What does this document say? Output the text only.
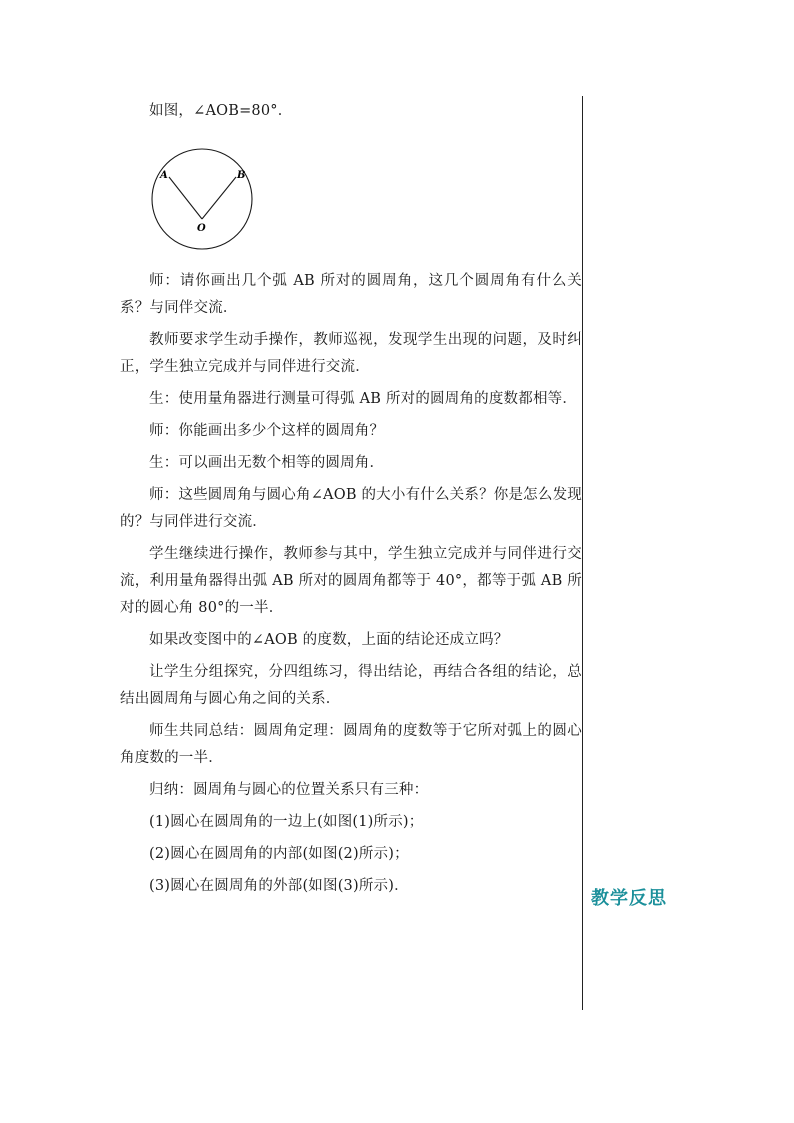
如图，∠AOB=80°．

A	B
O

师：请你画出几个弧 AB 所对的圆周角，这几个圆周角有什么关系？与同伴交流．

教师要求学生动手操作，教师巡视，发现学生出现的问题，及时纠正，学生独立完成并与同伴进行交流．

生：使用量角器进行测量可得弧 AB 所对的圆周角的度数都相等．

师：你能画出多少个这样的圆周角？

生：可以画出无数个相等的圆周角．

师：这些圆周角与圆心角∠AOB 的大小有什么关系？你是怎么发现的？与同伴进行交流．

学生继续进行操作，教师参与其中，学生独立完成并与同伴进行交流，利用量角器得出弧 AB 所对的圆周角都等于 40°，都等于弧 AB 所对的圆心角 80°的一半．

如果改变图中的∠AOB 的度数，上面的结论还成立吗？

让学生分组探究，分四组练习，得出结论，再结合各组的结论，总结出圆周角与圆心角之间的关系．

师生共同总结：圆周角定理：圆周角的度数等于它所对弧上的圆心角度数的一半．

归纳：圆周角与圆心的位置关系只有三种：

(1)圆心在圆周角的一边上(如图(1)所示)；

(2)圆心在圆周角的内部(如图(2)所示)；

(3)圆心在圆周角的外部(如图(3)所示)．

教学反思
